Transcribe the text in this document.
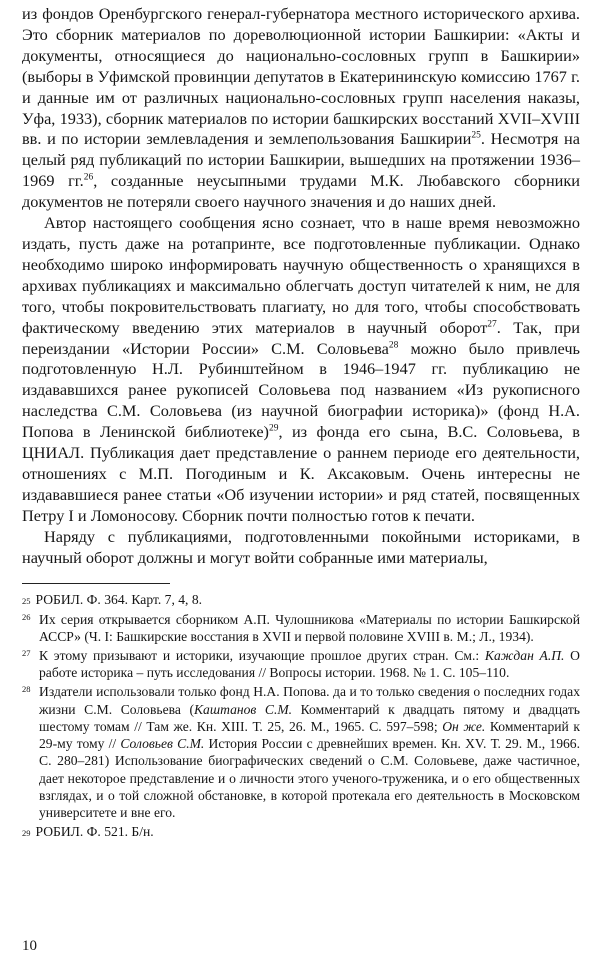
из фондов Оренбургского генерал-губернатора местного исторического архива. Это сборник материалов по дореволюционной истории Башкирии: «Акты и документы, относящиеся до национально-сословных групп в Башкирии» (выборы в Уфимской провинции депутатов в Екатерининскую комиссию 1767 г. и данные им от различных национально-сословных групп населения наказы, Уфа, 1933), сборник материалов по истории башкирских восстаний XVII–XVIII вв. и по истории землевладения и землепользования Башкирии$^{25}$. Несмотря на целый ряд публикаций по истории Башкирии, вышедших на протяжении 1936–1969 гг.$^{26}$, созданные неусыпными трудами М.К. Любавского сборники документов не потеряли своего научного значения и до наших дней.

Автор настоящего сообщения ясно сознает, что в наше время невозможно издать, пусть даже на ротапринте, все подготовленные публикации. Однако необходимо широко информировать научную общественность о хранящихся в архивах публикациях и максимально облегчать доступ читателей к ним, не для того, чтобы покровительствовать плагиату, но для того, чтобы способствовать фактическому введению этих материалов в научный оборот$^{27}$. Так, при переиздании «Истории России» С.М. Соловьева$^{28}$ можно было привлечь подготовленную Н.Л. Рубинштейном в 1946–1947 гг. публикацию не издававшихся ранее рукописей Соловьева под названием «Из рукописного наследства С.М. Соловьева (из научной биографии историка)» (фонд Н.А. Попова в Ленинской библиотеке)$^{29}$, из фонда его сына, В.С. Соловьева, в ЦНИАЛ. Публикация дает представление о раннем периоде его деятельности, отношениях с М.П. Погодиным и К. Аксаковым. Очень интересны не издававшиеся ранее статьи «Об изучении истории» и ряд статей, посвященных Петру I и Ломоносову. Сборник почти полностью готов к печати.

Наряду с публикациями, подготовленными покойными историками, в научный оборот должны и могут войти собранные ими материалы,

25 РОБИЛ. Ф. 364. Карт. 7, 4, 8.

26 Их серия открывается сборником А.П. Чулошникова «Материалы по истории Башкирской АССР» (Ч. I: Башкирские восстания в XVII и первой половине XVIII в. М.; Л., 1934).

27 К этому призывают и историки, изучающие прошлое других стран. См.: Каждан А.П. О работе историка – путь исследования // Вопросы истории. 1968. № 1. С. 105–110.

28 Издатели использовали только фонд Н.А. Попова. да и то только сведения о последних годах жизни С.М. Соловьева (Каштанов С.М. Комментарий к двадцать пятому и двадцать шестому томам // Там же. Кн. XIII. Т. 25, 26. М., 1965. С. 597–598; Он же. Комментарий к 29-му тому // Соловьев С.М. История России с древнейших времен. Кн. XV. Т. 29. М., 1966. С. 280–281) Использование биографических сведений о С.М. Соловьеве, даже частичное, дает некоторое представление и о личности этого ученого-труженика, и о его общественных взглядах, и о той сложной обстановке, в которой протекала его деятельность в Московском университете и вне его.

29 РОБИЛ. Ф. 521. Б/н.

10
